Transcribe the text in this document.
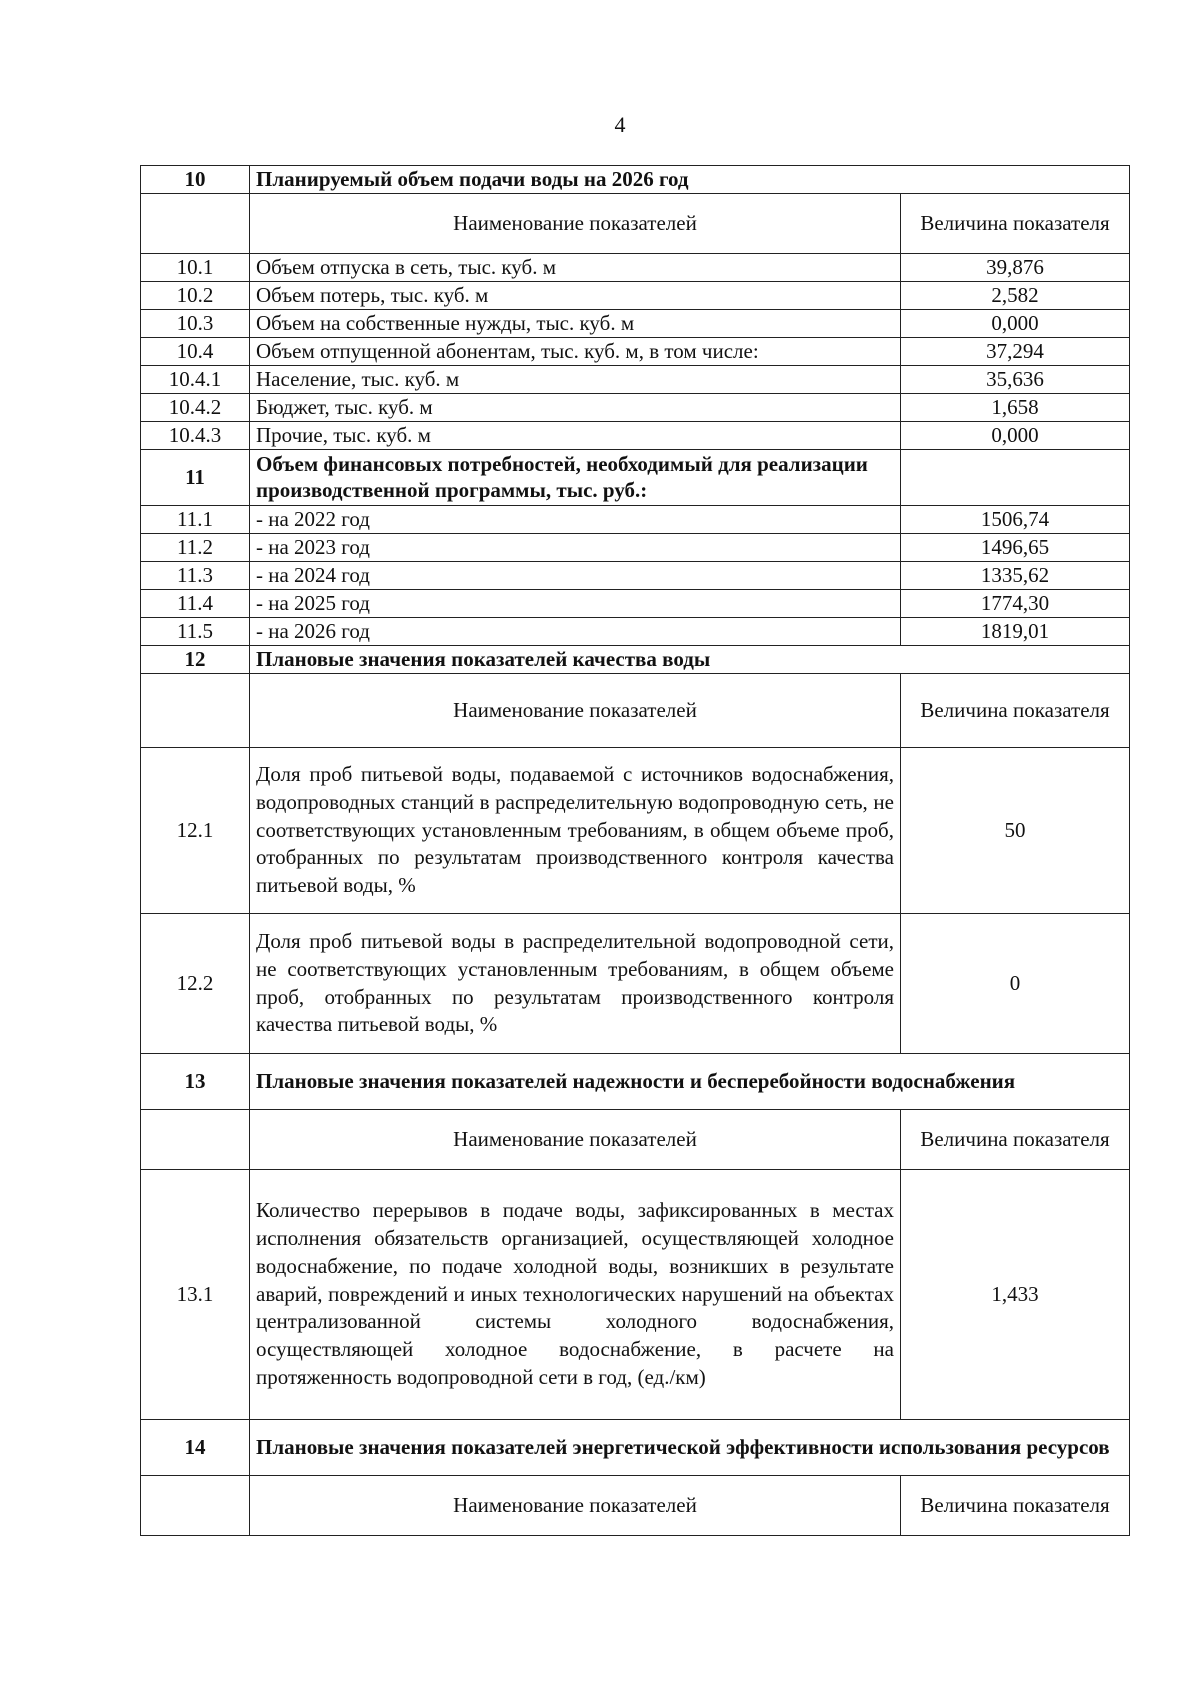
4
10	Планируемый объем подачи воды на 2026 год	
	Наименование показателей	Величина показателя
10.1	Объем отпуска в сеть, тыс. куб. м	39,876
10.2	Объем потерь, тыс. куб. м	2,582
10.3	Объем на собственные нужды, тыс. куб. м	0,000
10.4	Объем отпущенной абонентам, тыс. куб. м, в том числе:	37,294
10.4.1	Население, тыс. куб. м	35,636
10.4.2	Бюджет, тыс. куб. м	1,658
10.4.3	Прочие, тыс. куб. м	0,000
11	Объем финансовых потребностей, необходимый для реализации производственной программы, тыс. руб.:	
11.1	- на 2022 год	1506,74
11.2	- на 2023 год	1496,65
11.3	- на 2024 год	1335,62
11.4	- на 2025 год	1774,30
11.5	- на 2026 год	1819,01
12	Плановые значения показателей качества воды	
	Наименование показателей	Величина показателя
12.1	Доля проб питьевой воды, подаваемой с источников водоснабжения, водопроводных станций в распределительную водопроводную сеть, не соответствующих установленным требованиям, в общем объеме проб, отобранных по результатам производственного контроля качества питьевой воды, %	50
12.2	Доля проб питьевой воды в распределительной водопроводной сети, не соответствующих установленным требованиям, в общем объеме проб, отобранных по результатам производственного контроля качества питьевой воды, %	0
13	Плановые значения показателей надежности и бесперебойности водоснабжения	
	Наименование показателей	Величина показателя
13.1	Количество перерывов в подаче воды, зафиксированных в местах исполнения обязательств организацией, осуществляющей холодное водоснабжение, по подаче холодной воды, возникших в результате аварий, повреждений и иных технологических нарушений на объектах централизованной системы холодного водоснабжения, осуществляющей холодное водоснабжение, в расчете на протяженность водопроводной сети в год, (ед./км)	1,433
14	Плановые значения показателей энергетической эффективности использования ресурсов	
	Наименование показателей	Величина показателя
